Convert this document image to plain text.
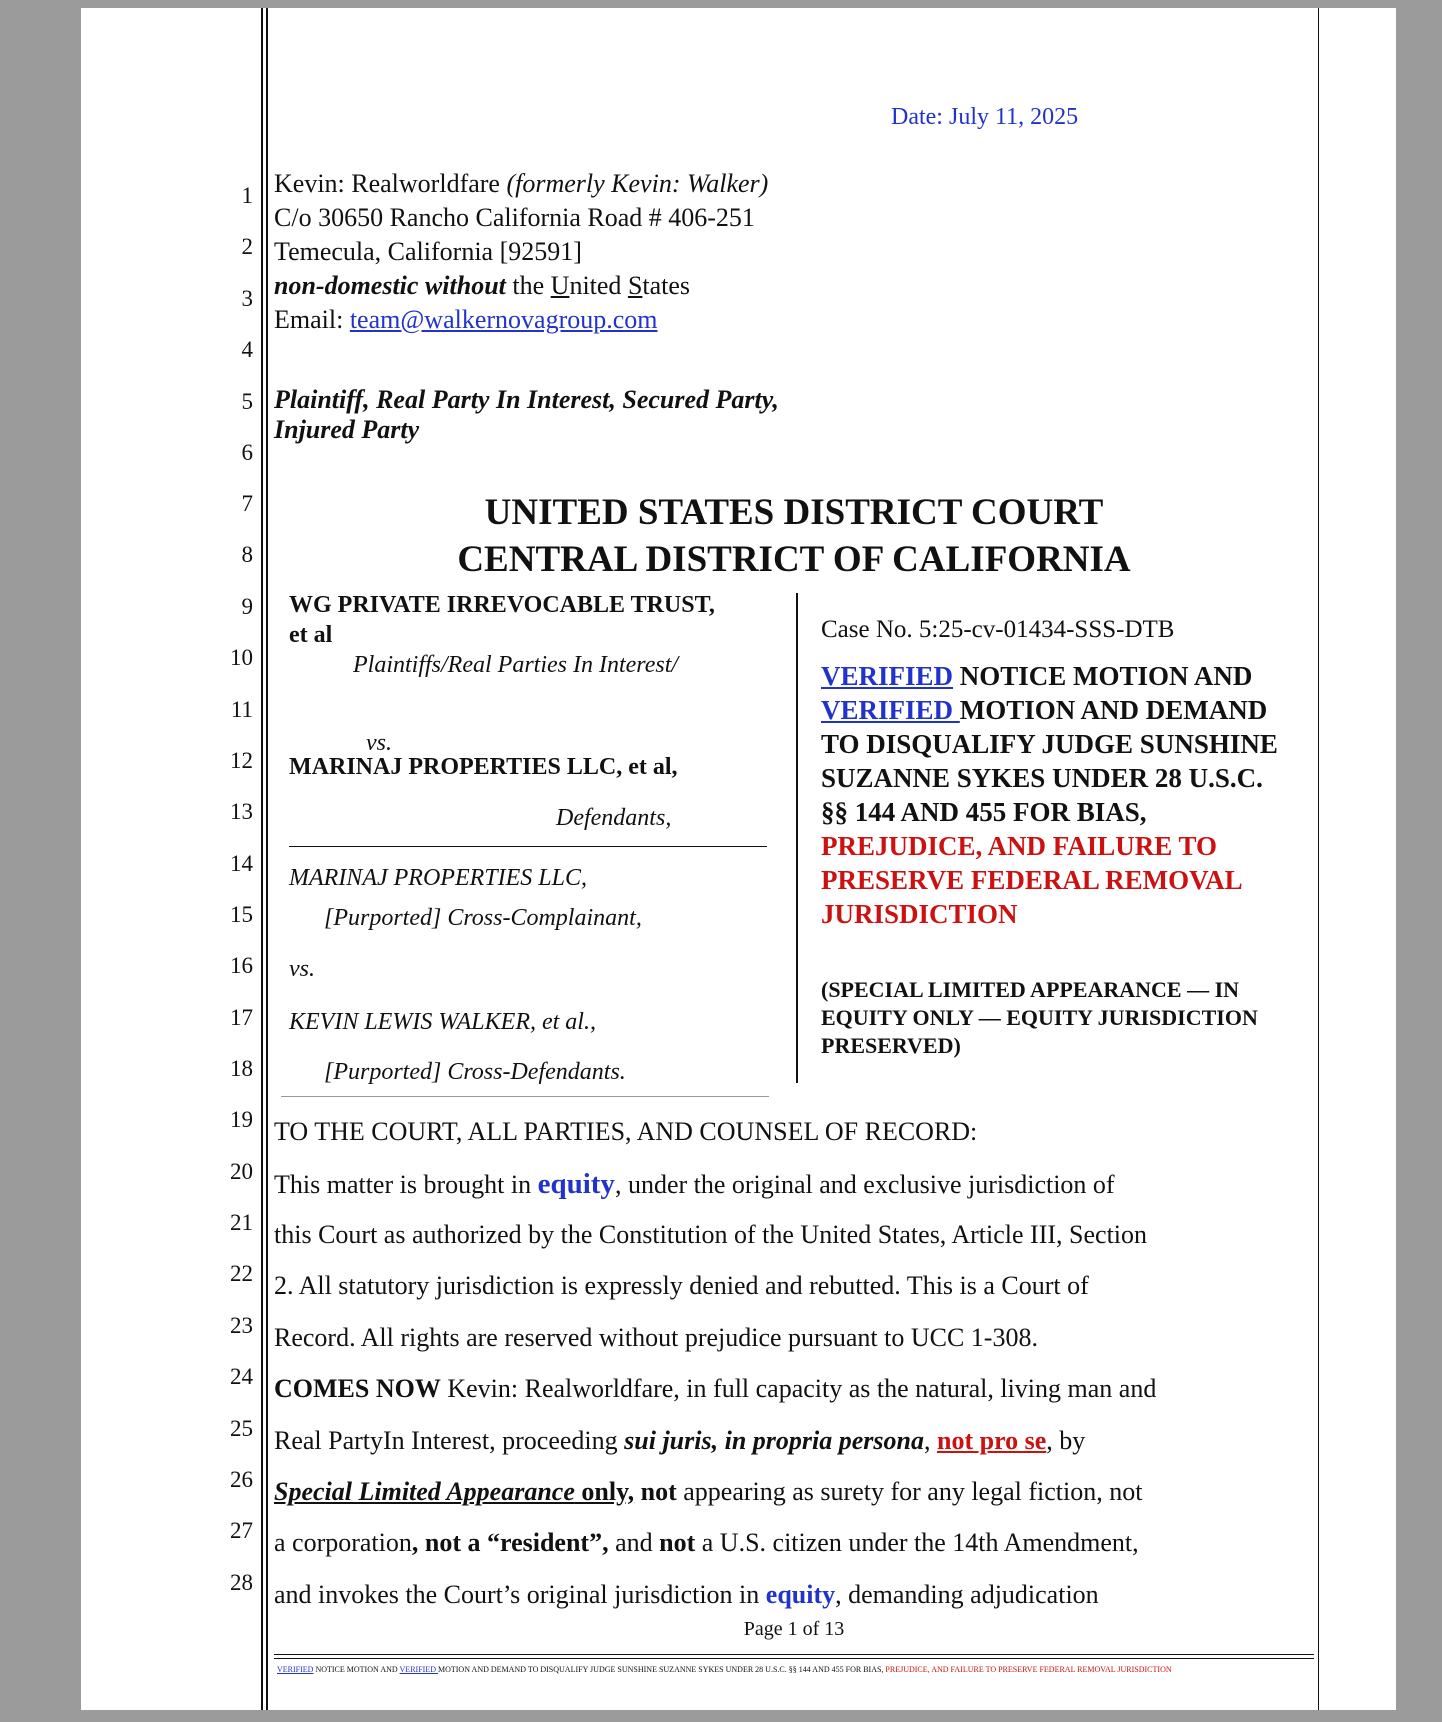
Date: July 11, 2025
1
2
3
4
5
6
7
8
9
10
11
12
13
14
15
16
17
18
19
20
21
22
23
24
25
26
27
28
Kevin: Realworldfare (formerly Kevin: Walker)
C/o 30650 Rancho California Road # 406-251
Temecula, California [92591]
non-domestic without the United States
Email: team@walkernovagroup.com
Plaintiff, Real Party In Interest, Secured Party,
Injured Party
UNITED STATES DISTRICT COURT
CENTRAL DISTRICT OF CALIFORNIA
WG PRIVATE IRREVOCABLE TRUST,
et al
Plaintiffs/Real Parties In Interest/
vs.
MARINAJ PROPERTIES LLC, et al,
Defendants,
MARINAJ PROPERTIES LLC,
[Purported] Cross-Complainant,
vs.
KEVIN LEWIS WALKER, et al.,
[Purported] Cross-Defendants.
Case No. 5:25-cv-01434-SSS-DTB
VERIFIED NOTICE MOTION AND
VERIFIED MOTION AND DEMAND
TO DISQUALIFY JUDGE SUNSHINE
SUZANNE SYKES UNDER 28 U.S.C.
§§ 144 AND 455 FOR BIAS,
PREJUDICE, AND FAILURE TO
PRESERVE FEDERAL REMOVAL
JURISDICTION
(SPECIAL LIMITED APPEARANCE — IN
EQUITY ONLY — EQUITY JURISDICTION
PRESERVED)
TO THE COURT, ALL PARTIES, AND COUNSEL OF RECORD:
This matter is brought in equity, under the original and exclusive jurisdiction of
this Court as authorized by the Constitution of the United States, Article III, Section
2. All statutory jurisdiction is expressly denied and rebutted. This is a Court of
Record. All rights are reserved without prejudice pursuant to UCC 1-308.
COMES NOW Kevin: Realworldfare, in full capacity as the natural, living man and
Real PartyIn Interest, proceeding sui juris, in propria persona, not pro se, by
Special Limited Appearance only, not appearing as surety for any legal fiction, not
a corporation, not a “resident”, and not a U.S. citizen under the 14th Amendment,
and invokes the Court’s original jurisdiction in equity, demanding adjudication
Page 1 of 13
VERIFIED NOTICE MOTION AND VERIFIED MOTION AND DEMAND TO DISQUALIFY JUDGE SUNSHINE SUZANNE SYKES UNDER 28 U.S.C. §§ 144 AND 455 FOR BIAS, PREJUDICE, AND FAILURE TO PRESERVE FEDERAL REMOVAL JURISDICTION
